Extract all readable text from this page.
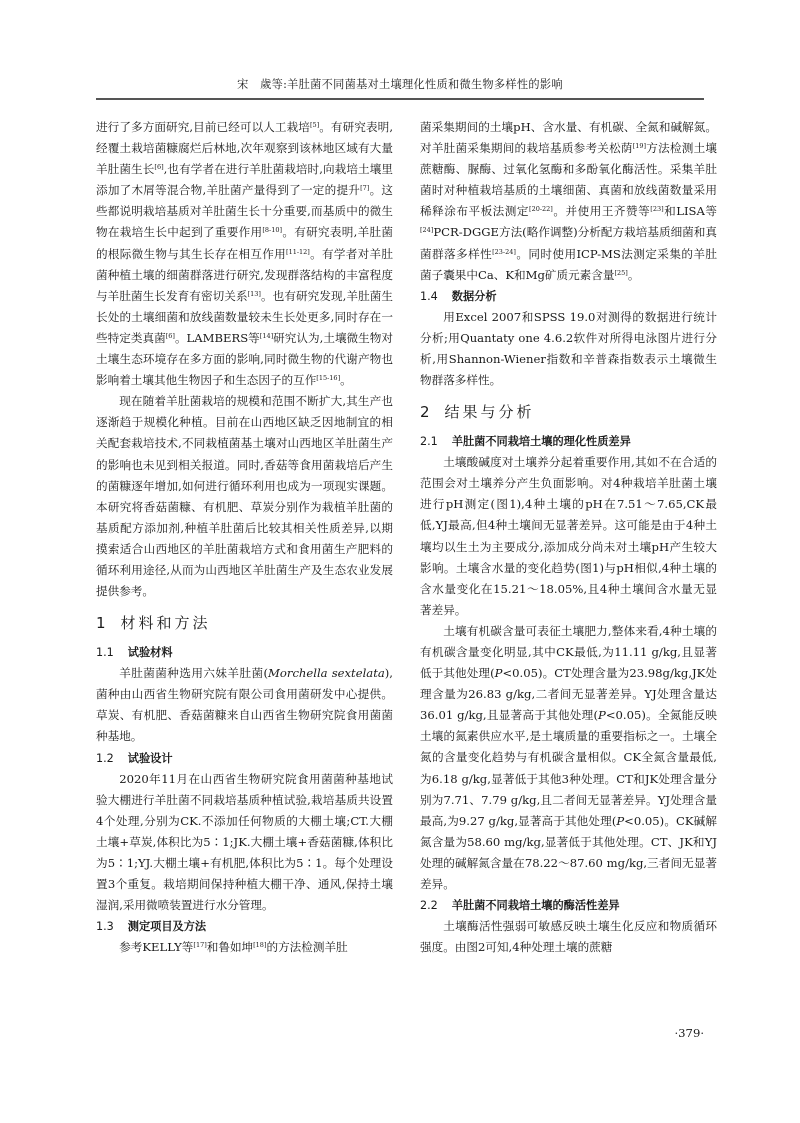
宋　歲等:羊肚菌不同菌基对土壤理化性质和微生物多样性的影响

进行了多方面研究,目前已经可以人工栽培[5]。有研究表明,经覆土栽培菌糠腐烂后林地,次年观察到该林地区域有大量羊肚菌生长[6],也有学者在进行羊肚菌栽培时,向栽培土壤里添加了木屑等混合物,羊肚菌产量得到了一定的提升[7]。这些都说明栽培基质对羊肚菌生长十分重要,而基质中的微生物在栽培生长中起到了重要作用[8-10]。有研究表明,羊肚菌的根际微生物与其生长存在相互作用[11-12]。有学者对羊肚菌种植土壤的细菌群落进行研究,发现群落结构的丰富程度与羊肚菌生长发育有密切关系[13]。也有研究发现,羊肚菌生长处的土壤细菌和放线菌数量较未生长处更多,同时存在一些特定类真菌[6]。LAMBERS等[14]研究认为,土壤微生物对土壤生态环境存在多方面的影响,同时微生物的代谢产物也影响着土壤其他生物因子和生态因子的互作[15-16]。

现在随着羊肚菌栽培的规模和范围不断扩大,其生产也逐渐趋于规模化种植。目前在山西地区缺乏因地制宜的相关配套栽培技术,不同栽植菌基土壤对山西地区羊肚菌生产的影响也未见到相关报道。同时,香菇等食用菌栽培后产生的菌糠逐年增加,如何进行循环利用也成为一项现实课题。本研究将香菇菌糠、有机肥、草炭分别作为栽植羊肚菌的基质配方添加剂,种植羊肚菌后比较其相关性质差异,以期摸索适合山西地区的羊肚菌栽培方式和食用菌生产肥料的循环利用途径,从而为山西地区羊肚菌生产及生态农业发展提供参考。

1 材料和方法
1.1 试验材料

羊肚菌菌种选用六妹羊肚菌(Morchella sextelata),菌种由山西省生物研究院有限公司食用菌研发中心提供。草炭、有机肥、香菇菌糠来自山西省生物研究院食用菌菌种基地。

1.2 试验设计

2020年11月在山西省生物研究院食用菌菌种基地试验大棚进行羊肚菌不同栽培基质种植试验,栽培基质共设置4个处理,分别为CK.不添加任何物质的大棚土壤;CT.大棚土壤+草炭,体积比为5∶1;JK.大棚土壤+香菇菌糠,体积比为5∶1;YJ.大棚土壤+有机肥,体积比为5∶1。每个处理设置3个重复。栽培期间保持种植大棚干净、通风,保持土壤湿润,采用微喷装置进行水分管理。

1.3 测定项目及方法

参考KELLY等[17]和鲁如坤[18]的方法检测羊肚

菌采集期间的土壤pH、含水量、有机碳、全氮和碱解氮。对羊肚菌采集期间的栽培基质参考关松荫[19]方法检测土壤蔗糖酶、脲酶、过氧化氢酶和多酚氧化酶活性。采集羊肚菌时对种植栽培基质的土壤细菌、真菌和放线菌数量采用稀释涂布平板法测定[20-22]。并使用王齐赞等[23]和LISA等[24]PCR-DGGE方法(略作调整)分析配方栽培基质细菌和真菌群落多样性[23-24]。同时使用ICP-MS法测定采集的羊肚菌子囊果中Ca、K和Mg矿质元素含量[25]。

1.4 数据分析

用Excel 2007和SPSS 19.0对测得的数据进行统计分析;用Quantaty one 4.6.2软件对所得电泳图片进行分析,用Shannon-Wiener指数和辛普森指数表示土壤微生物群落多样性。

2 结果与分析
2.1 羊肚菌不同栽培土壤的理化性质差异

土壤酸碱度对土壤养分起着重要作用,其如不在合适的范围会对土壤养分产生负面影响。对4种栽培羊肚菌土壤进行pH测定(图1),4种土壤的pH在7.51～7.65,CK最低,YJ最高,但4种土壤间无显著差异。这可能是由于4种土壤均以生土为主要成分,添加成分尚未对土壤pH产生较大影响。土壤含水量的变化趋势(图1)与pH相似,4种土壤的含水量变化在15.21～18.05%,且4种土壤间含水量无显著差异。

土壤有机碳含量可表征土壤肥力,整体来看,4种土壤的有机碳含量变化明显,其中CK最低,为11.11 g/kg,且显著低于其他处理(P<0.05)。CT处理含量为23.98g/kg,JK处理含量为26.83 g/kg,二者间无显著差异。YJ处理含量达36.01 g/kg,且显著高于其他处理(P<0.05)。全氮能反映土壤的氮素供应水平,是土壤质量的重要指标之一。土壤全氮的含量变化趋势与有机碳含量相似。CK全氮含量最低,为6.18 g/kg,显著低于其他3种处理。CT和JK处理含量分别为7.71、7.79 g/kg,且二者间无显著差异。YJ处理含量最高,为9.27 g/kg,显著高于其他处理(P<0.05)。CK碱解氮含量为58.60 mg/kg,显著低于其他处理。CT、JK和YJ处理的碱解氮含量在78.22～87.60 mg/kg,三者间无显著差异。

2.2 羊肚菌不同栽培土壤的酶活性差异

土壤酶活性强弱可敏感反映土壤生化反应和物质循环强度。由图2可知,4种处理土壤的蔗糖

·379·
